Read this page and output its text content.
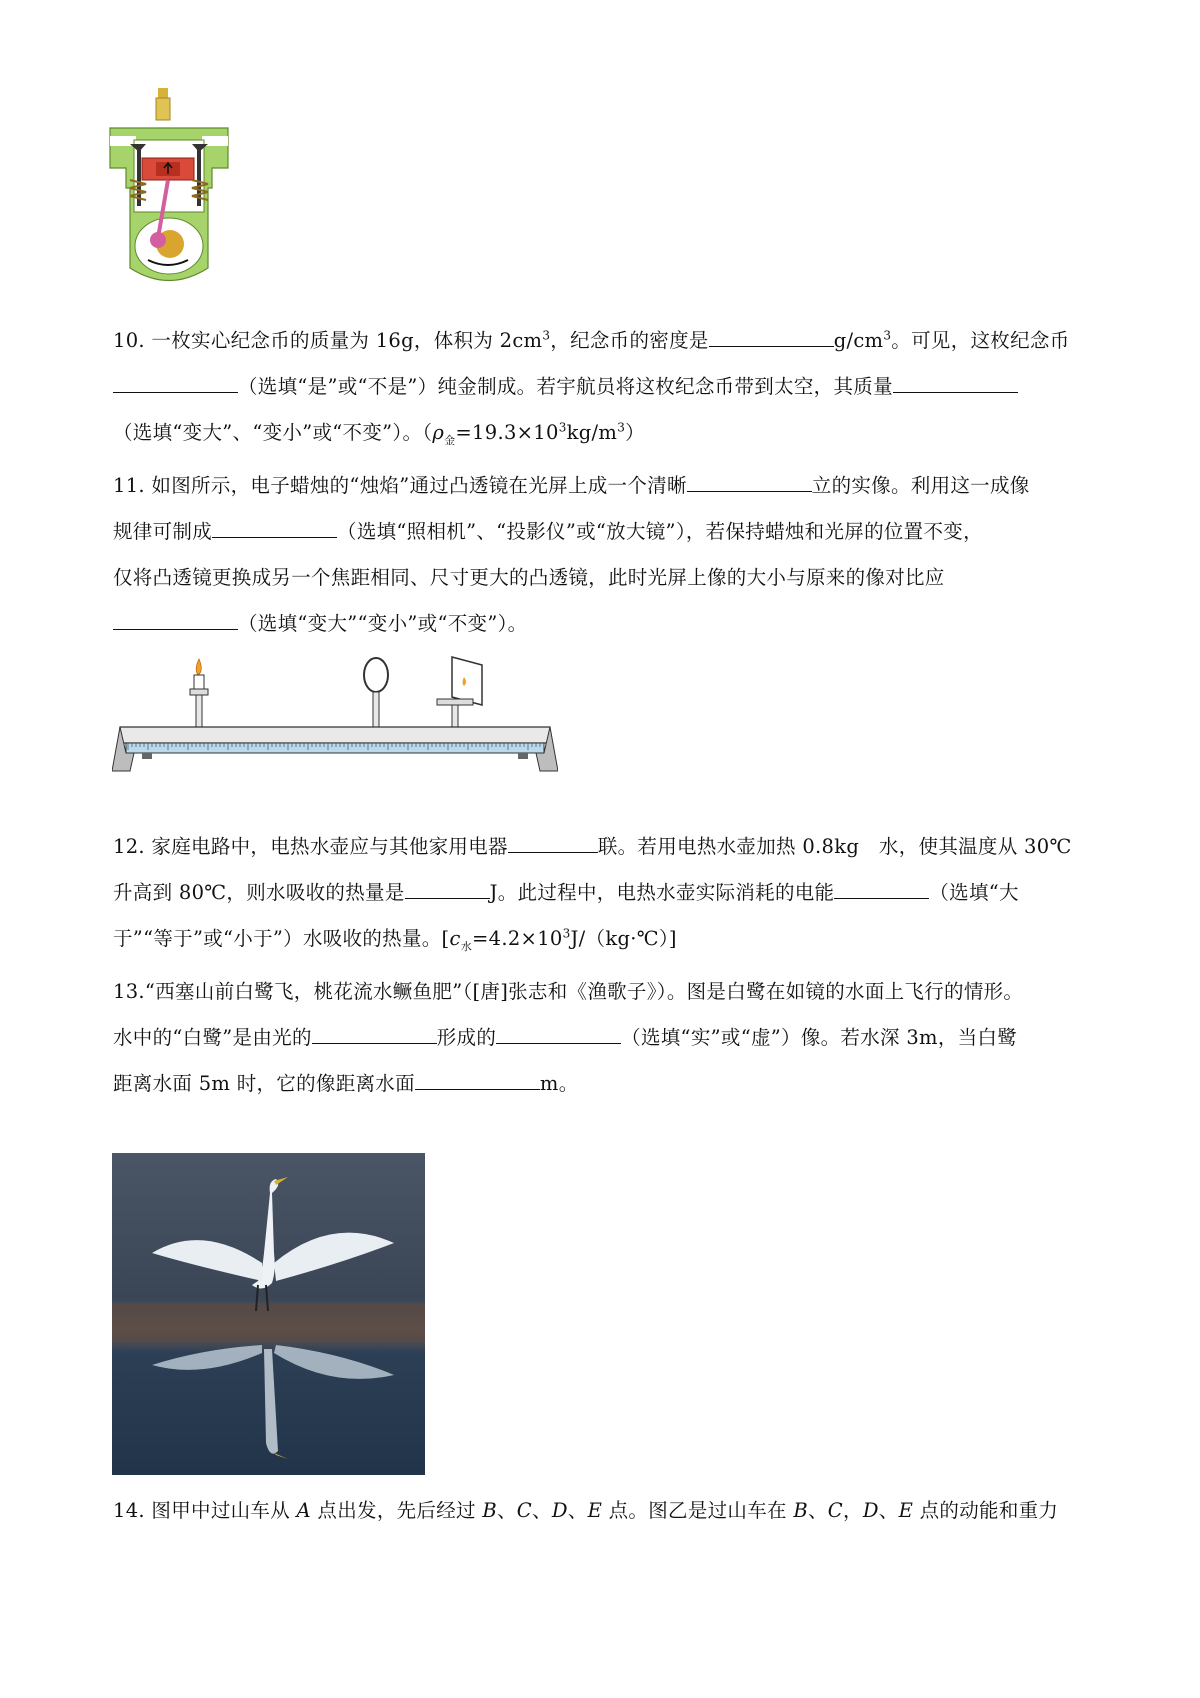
10. 一枚实心纪念币的质量为 16g，体积为 $2cm^3$，纪念币的密度是	$g/cm^3$。可见，这枚纪念币
（选填“是”或“不是”）纯金制成。若宇航员将这枚纪念币带到太空，其质量
（选填“变大”、“变小”或“不变”）。$(\rho_金=19.3\times 10^3kg/m^3)$
11. 如图所示，电子蜡烛的“烛焰”通过凸透镜在光屏上成一个清晰	立的实像。利用这一成像
规律可制成	（选填“照相机”、“投影仪”或“放大镜”），若保持蜡烛和光屏的位置不变，
仅将凸透镜更换成另一个焦距相同、尺寸更大的凸透镜，此时光屏上像的大小与原来的像对比应
（选填“变大”“变小”或“不变”）。
12. 家庭电路中，电热水壶应与其他家用电器	联。若用电热水壶加热 0.8kg　水，使其温度从 30℃
升高到 80℃，则水吸收的热量是	J。此过程中，电热水壶实际消耗的电能	（选填“大
于”“等于”或“小于”）水吸收的热量。$[c_水=4.2\times 10^3J/(kg\cdot℃)]$
13.“西塞山前白鹭飞，桃花流水鳜鱼肥”（[唐]张志和《渔歌子》）。图是白鹭在如镜的水面上飞行的情形。
水中的“白鹭”是由光的	形成的	（选填“实”或“虚”）像。若水深 3m，当白鹭
距离水面 5m 时，它的像距离水面	m。
14. 图甲中过山车从 A 点出发，先后经过 B、C、D、E 点。图乙是过山车在 B、C，D、E 点的动能和重力
